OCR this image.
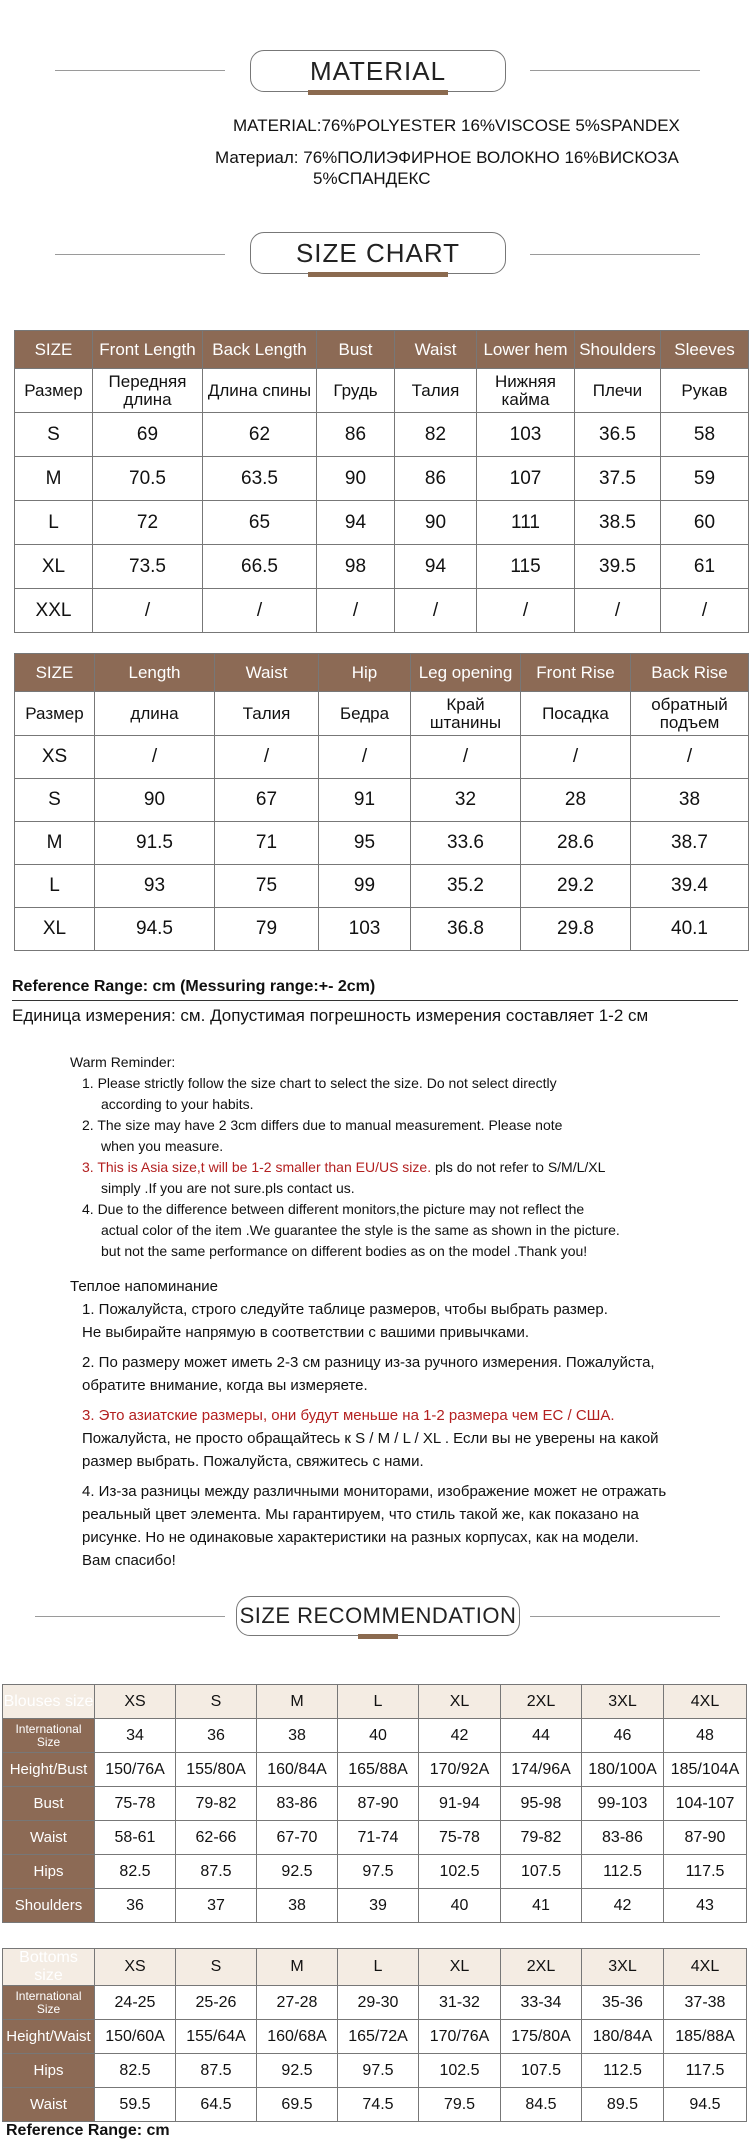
MATERIAL
MATERIAL:76%POLYESTER 16%VISCOSE 5%SPANDEX
Материал: 76%ПОЛИЭФИРНОЕ ВОЛОКНО 16%ВИСКОЗА
5%СПАНДЕКС
SIZE CHART
SIZE	Front Length	Back Length	Bust	Waist	Lower hem	Shoulders	Sleeves
Размер	Передняя длина	Длина спины	Грудь	Талия	Нижняя кайма	Плечи	Рукав
S	69	62	86	82	103	36.5	58
M	70.5	63.5	90	86	107	37.5	59
L	72	65	94	90	111	38.5	60
XL	73.5	66.5	98	94	115	39.5	61
XXL	/	/	/	/	/	/	/
SIZE	Length	Waist	Hip	Leg opening	Front Rise	Back Rise
Размер	длина	Талия	Бедра	Край штанины	Посадка	обратный подъем
XS	/	/	/	/	/	/
S	90	67	91	32	28	38
M	91.5	71	95	33.6	28.6	38.7
L	93	75	99	35.2	29.2	39.4
XL	94.5	79	103	36.8	29.8	40.1
Reference Range: cm (Messuring range:+- 2cm)
Единица измерения: см. Допустимая погрешность измерения составляет 1-2 см
Warm Reminder:
1. Please strictly follow the size chart to select the size. Do not select directly
according to your habits.
2. The size may have 2 3cm differs due to manual measurement. Please note
when you measure.
3. This is Asia size,t will be 1-2 smaller than EU/US size. pls do not refer to S/M/L/XL
simply .If you are not sure.pls contact us.
4. Due to the difference between different monitors,the picture may not reflect the
actual color of the item .We guarantee the style is the same as shown in the picture.
but not the same performance on different bodies as on the model .Thank you!
Теплое напоминание
1. Пожалуйста, строго следуйте таблице размеров, чтобы выбрать размер.
Не выбирайте напрямую в соответствии с вашими привычками.
2. По размеру может иметь 2-3 см разницу из-за ручного измерения. Пожалуйста,
обратите внимание, когда вы измеряете.
3. Это азиатские размеры, они будут меньше на 1-2 размера чем EC / США.
Пожалуйста, не просто обращайтесь к S / M / L / XL . Если вы не уверены на какой
размер выбрать. Пожалуйста, свяжитесь с нами.
4. Из-за разницы между различными мониторами, изображение может не отражать
реальный цвет элемента. Мы гарантируем, что стиль такой же, как показано на
рисунке. Но не одинаковые характеристики на разных корпусах, как на модели.
Вам спасибо!
SIZE RECOMMENDATION
Blouses size	XS	S	M	L	XL	2XL	3XL	4XL
International Size	34	36	38	40	42	44	46	48
Height/Bust	150/76A	155/80A	160/84A	165/88A	170/92A	174/96A	180/100A	185/104A
Bust	75-78	79-82	83-86	87-90	91-94	95-98	99-103	104-107
Waist	58-61	62-66	67-70	71-74	75-78	79-82	83-86	87-90
Hips	82.5	87.5	92.5	97.5	102.5	107.5	112.5	117.5
Shoulders	36	37	38	39	40	41	42	43
Bottoms size	XS	S	M	L	XL	2XL	3XL	4XL
International Size	24-25	25-26	27-28	29-30	31-32	33-34	35-36	37-38
Height/Waist	150/60A	155/64A	160/68A	165/72A	170/76A	175/80A	180/84A	185/88A
Hips	82.5	87.5	92.5	97.5	102.5	107.5	112.5	117.5
Waist	59.5	64.5	69.5	74.5	79.5	84.5	89.5	94.5
Reference Range: cm
